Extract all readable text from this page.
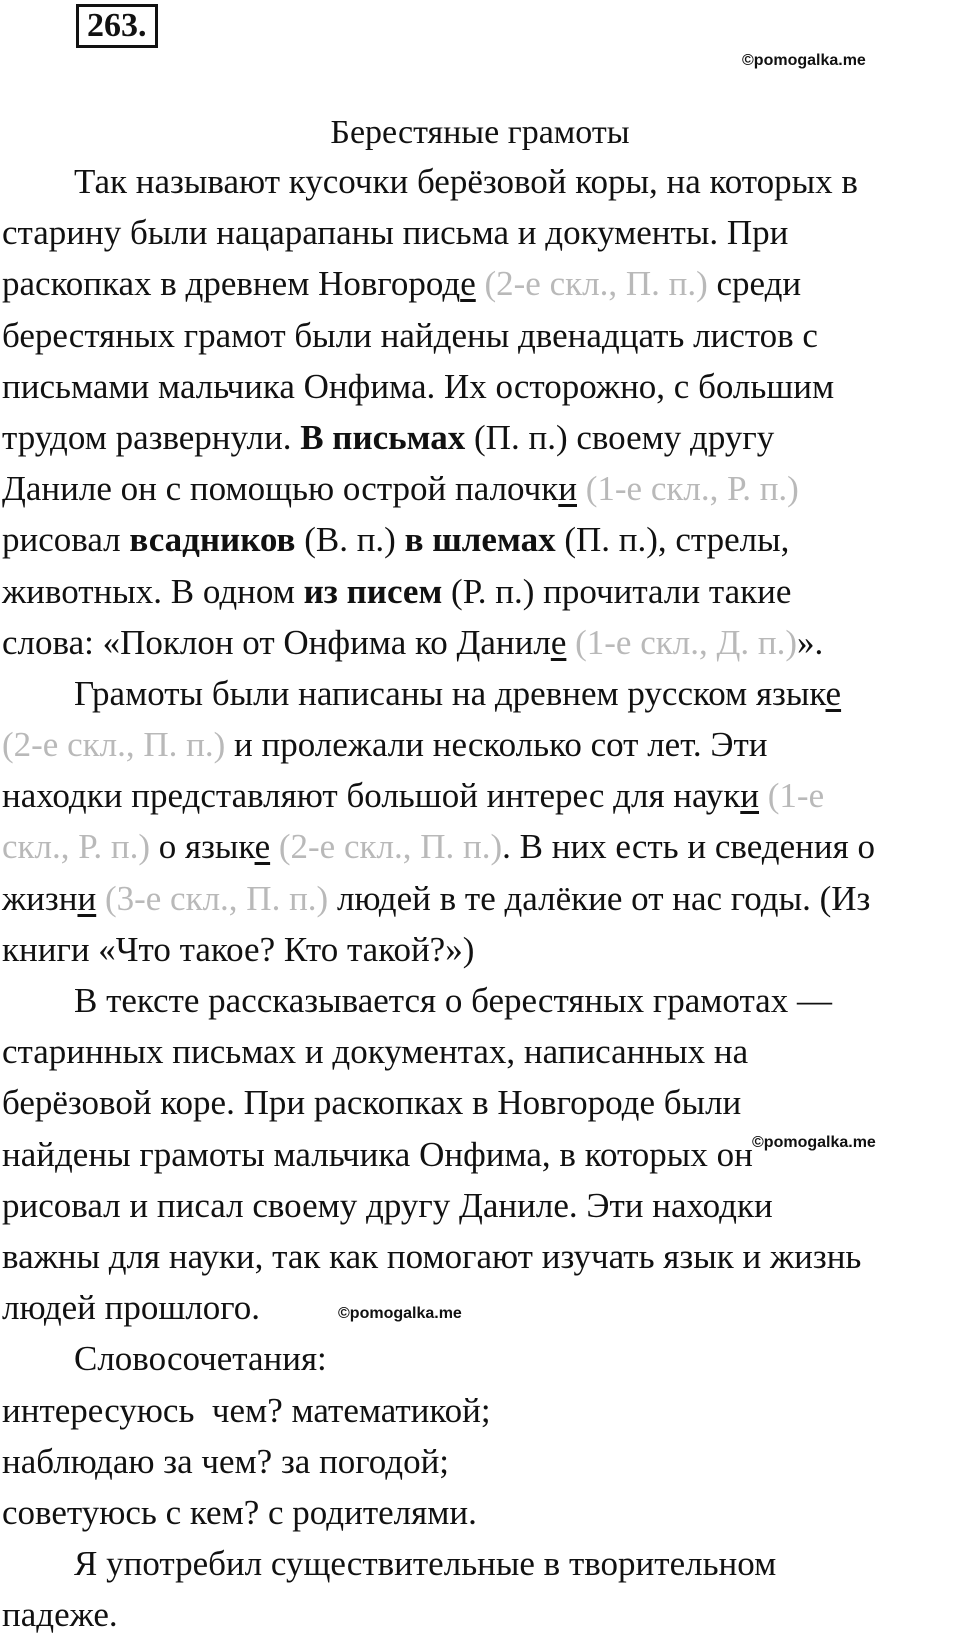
263.
©pomogalka.me
Берестяные грамоты
Так называют кусочки берёзовой коры, на которых в
старину были нацарапаны письма и документы. При
раскопках в древнем Новгороде (2-е скл., П. п.) среди
берестяных грамот были найдены двенадцать листов с
письмами мальчика Онфима. Их осторожно, с большим
трудом развернули. В письмах (П. п.) своему другу
Даниле он с помощью острой палочки (1-е скл., Р. п.)
рисовал всадников (В. п.) в шлемах (П. п.), стрелы,
животных. В одном из писем (Р. п.) прочитали такие
слова: «Поклон от Онфима ко Даниле (1-е скл., Д. п.)».
Грамоты были написаны на древнем русском языке
(2-е скл., П. п.) и пролежали несколько сот лет. Эти
находки представляют большой интерес для науки (1-е
скл., Р. п.) о языке (2-е скл., П. п.). В них есть и сведения о
жизни (3-е скл., П. п.) людей в те далёкие от нас годы. (Из
книги «Что такое? Кто такой?»)
В тексте рассказывается о берестяных грамотах —
старинных письмах и документах, написанных на
берёзовой коре. При раскопках в Новгороде были
найдены грамоты мальчика Онфима, в которых он
рисовал и писал своему другу Даниле. Эти находки
важны для науки, так как помогают изучать язык и жизнь
людей прошлого.
Словосочетания:
интересуюсь  чем? математикой;
наблюдаю за чем? за погодой;
советуюсь с кем? с родителями.
Я употребил существительные в творительном
падеже.
©pomogalka.me
©pomogalka.me
